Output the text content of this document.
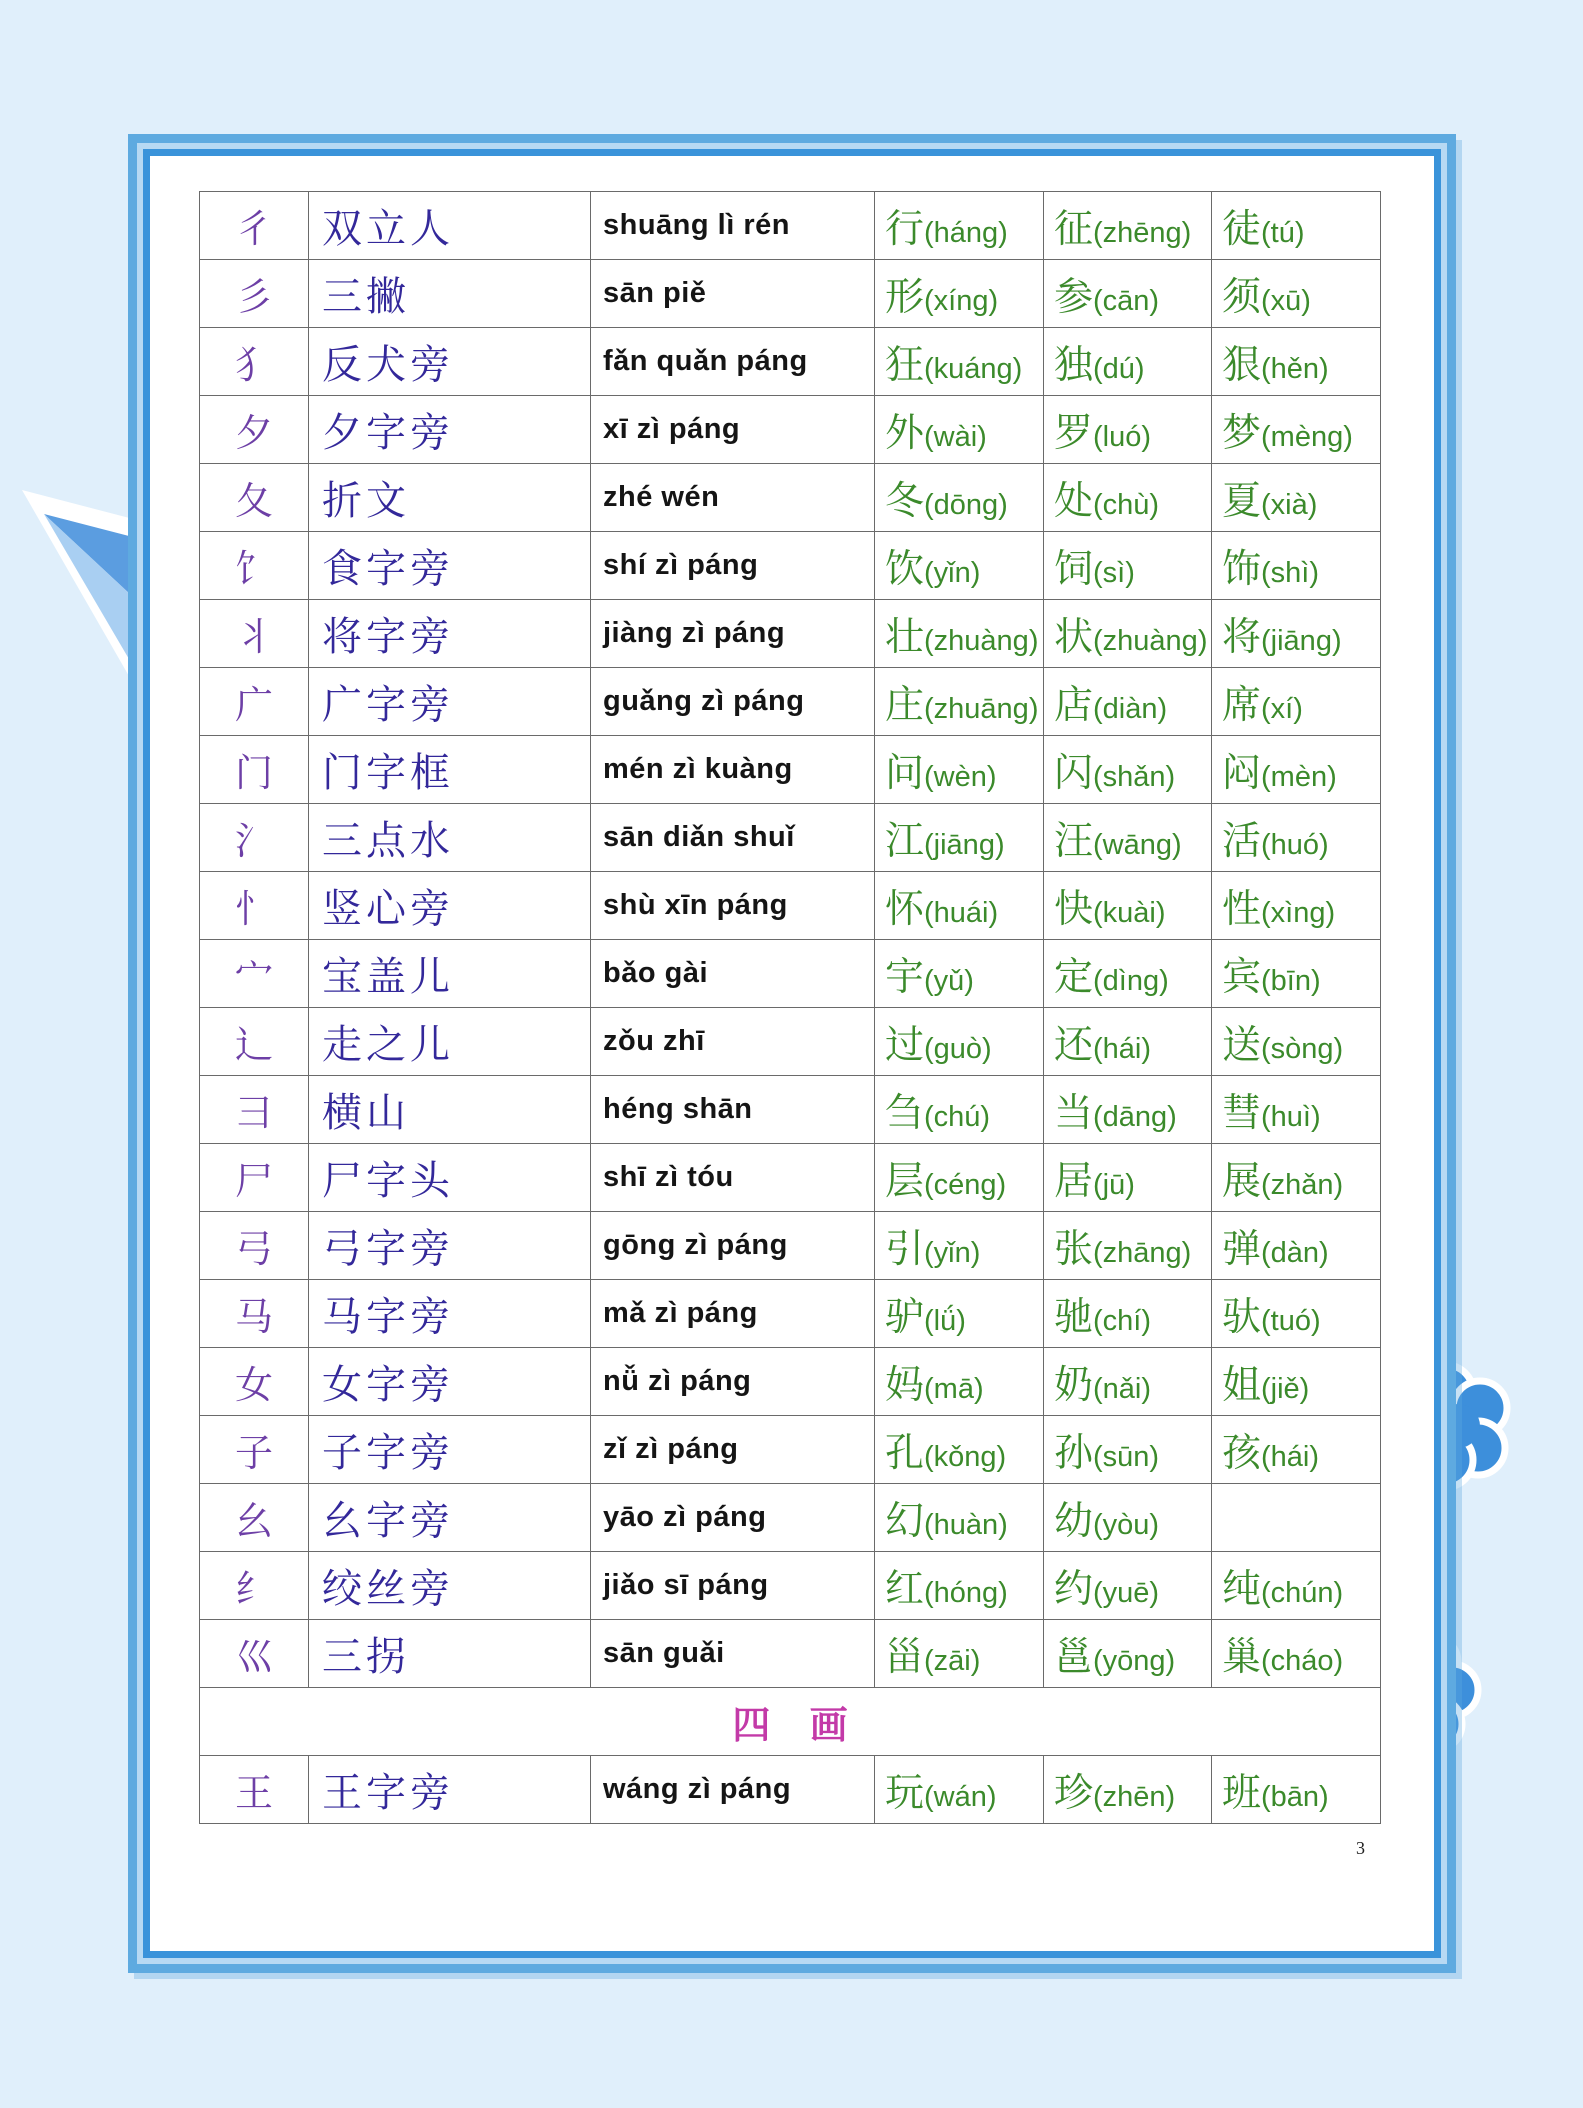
彳	双立人	shuāng lì rén	行(háng)	征(zhēng)	徒(tú)
彡	三撇	sān piě	形(xíng)	参(cān)	须(xū)
犭	反犬旁	fǎn quǎn páng	狂(kuáng)	独(dú)	狠(hěn)
夕	夕字旁	xī zì páng	外(wài)	罗(luó)	梦(mèng)
夂	折文	zhé wén	冬(dōng)	处(chù)	夏(xià)
饣	食字旁	shí zì páng	饮(yǐn)	饲(sì)	饰(shì)
丬	将字旁	jiàng zì páng	壮(zhuàng)	状(zhuàng)	将(jiāng)
广	广字旁	guǎng zì páng	庄(zhuāng)	店(diàn)	席(xí)
门	门字框	mén zì kuàng	问(wèn)	闪(shǎn)	闷(mèn)
氵	三点水	sān diǎn shuǐ	江(jiāng)	汪(wāng)	活(huó)
忄	竖心旁	shù xīn páng	怀(huái)	快(kuài)	性(xìng)
宀	宝盖儿	bǎo gài	宇(yǔ)	定(dìng)	宾(bīn)
辶	走之儿	zǒu zhī	过(guò)	还(hái)	送(sòng)
彐	横山	héng shān	刍(chú)	当(dāng)	彗(huì)
尸	尸字头	shī zì tóu	层(céng)	居(jū)	展(zhǎn)
弓	弓字旁	gōng zì páng	引(yǐn)	张(zhāng)	弹(dàn)
马	马字旁	mǎ zì páng	驴(lǘ)	驰(chí)	驮(tuó)
女	女字旁	nǚ zì páng	妈(mā)	奶(nǎi)	姐(jiě)
子	子字旁	zǐ zì páng	孔(kǒng)	孙(sūn)	孩(hái)
幺	幺字旁	yāo zì páng	幻(huàn)	幼(yòu)	
纟	绞丝旁	jiǎo sī páng	红(hóng)	约(yuē)	纯(chún)
巛	三拐	sān guǎi	甾(zāi)	邕(yōng)	巢(cháo)
四 画					
王	王字旁	wáng zì páng	玩(wán)	珍(zhēn)	班(bān)
3
